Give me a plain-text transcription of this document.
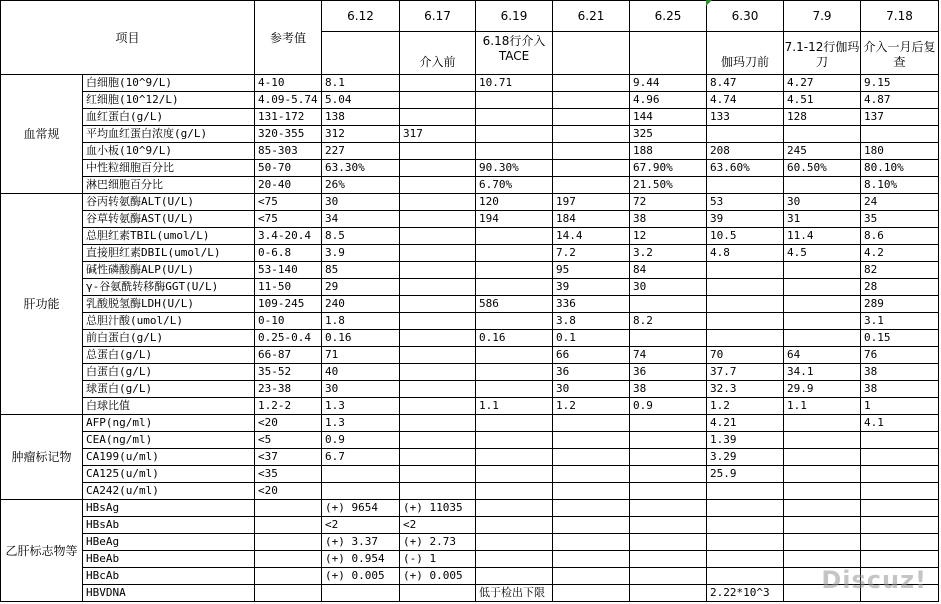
项目		参考值	6.12	6.17	6.19	6.21	6.25	6.30	7.9	7.18
				介入前	6.18行介入TACE			伽玛刀前	7.1-12行伽玛刀	介入一月后复查
血常规	白细胞(10^9/L)	4-10	8.1		10.71		9.44	8.47	4.27	9.15
	红细胞(10^12/L)	4.09-5.74	5.04				4.96	4.74	4.51	4.87
	血红蛋白(g/L)	131-172	138				144	133	128	137
	平均血红蛋白浓度(g/L)	320-355	312	317			325			
	血小板(10^9/L)	85-303	227				188	208	245	180
	中性粒细胞百分比	50-70	63.30%		90.30%		67.90%	63.60%	60.50%	80.10%
	淋巴细胞百分比	20-40	26%		6.70%		21.50%			8.10%
肝功能	谷丙转氨酶ALT(U/L)	<75	30		120	197	72	53	30	24
	谷草转氨酶AST(U/L)	<75	34		194	184	38	39	31	35
	总胆红素TBIL(umol/L)	3.4-20.4	8.5			14.4	12	10.5	11.4	8.6
	直接胆红素DBIL(umol/L)	0-6.8	3.9			7.2	3.2	4.8	4.5	4.2
	碱性磷酸酶ALP(U/L)	53-140	85			95	84			82
	γ-谷氨酰转移酶GGT(U/L)	11-50	29			39	30			28
	乳酸脱氢酶LDH(U/L)	109-245	240		586	336				289
	总胆汁酸(umol/L)	0-10	1.8			3.8	8.2			3.1
	前白蛋白(g/L)	0.25-0.4	0.16		0.16	0.1				0.15
	总蛋白(g/L)	66-87	71			66	74	70	64	76
	白蛋白(g/L)	35-52	40			36	36	37.7	34.1	38
	球蛋白(g/L)	23-38	30			30	38	32.3	29.9	38
	白球比值	1.2-2	1.3		1.1	1.2	0.9	1.2	1.1	1
肿瘤标记物	AFP(ng/ml)	<20	1.3					4.21		4.1
	CEA(ng/ml)	<5	0.9					1.39		
	CA199(u/ml)	<37	6.7					3.29		
	CA125(u/ml)	<35						25.9		
	CA242(u/ml)	<20								
乙肝标志物等	HBsAg		(+) 9654	(+) 11035						
	HBsAb		<2	<2						
	HBeAg		(+) 3.37	(+) 2.73						
	HBeAb		(+) 0.954	(-) 1						
	HBcAb		(+) 0.005	(+) 0.005						
	HBVDNA				低于检出下限			2.22*10^3		Discuz!
